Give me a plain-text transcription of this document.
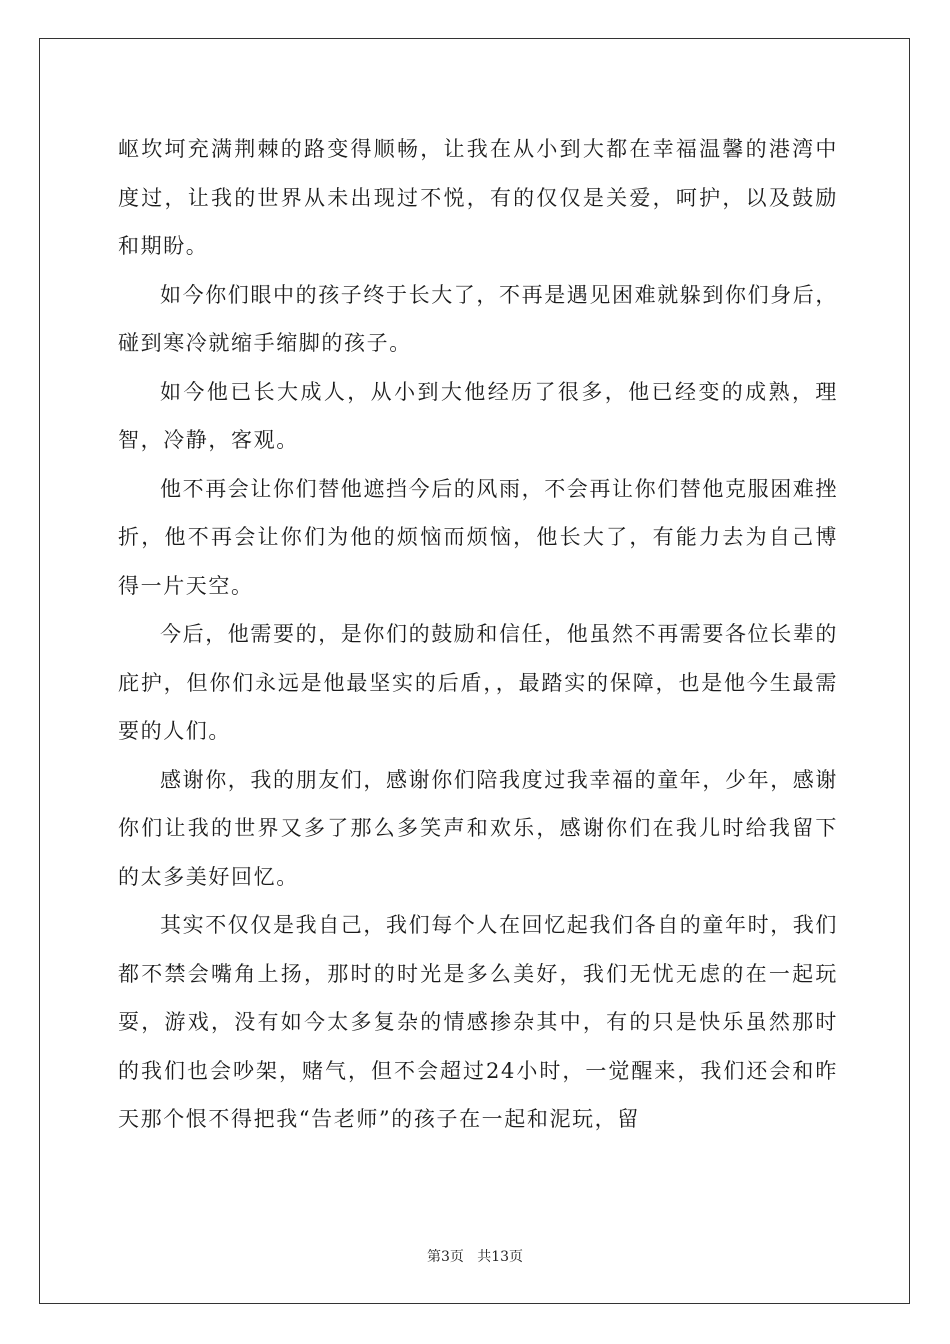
岖坎坷充满荆棘的路变得顺畅，让我在从小到大都在幸福温馨的港湾中度过，让我的世界从未出现过不悦，有的仅仅是关爱，呵护，以及鼓励和期盼。

如今你们眼中的孩子终于长大了，不再是遇见困难就躲到你们身后，碰到寒冷就缩手缩脚的孩子。

如今他已长大成人，从小到大他经历了很多，他已经变的成熟，理智，冷静，客观。

他不再会让你们替他遮挡今后的风雨，不会再让你们替他克服困难挫折，他不再会让你们为他的烦恼而烦恼，他长大了，有能力去为自己博得一片天空。

今后，他需要的，是你们的鼓励和信任，他虽然不再需要各位长辈的庇护，但你们永远是他最坚实的后盾，，最踏实的保障，也是他今生最需要的人们。

感谢你，我的朋友们，感谢你们陪我度过我幸福的童年，少年，感谢你们让我的世界又多了那么多笑声和欢乐，感谢你们在我儿时给我留下的太多美好回忆。

其实不仅仅是我自己，我们每个人在回忆起我们各自的童年时，我们都不禁会嘴角上扬，那时的时光是多么美好，我们无忧无虑的在一起玩耍，游戏，没有如今太多复杂的情感掺杂其中，有的只是快乐虽然那时的我们也会吵架，赌气，但不会超过24小时，一觉醒来，我们还会和昨天那个恨不得把我“告老师”的孩子在一起和泥玩，留

第3页   共13页
